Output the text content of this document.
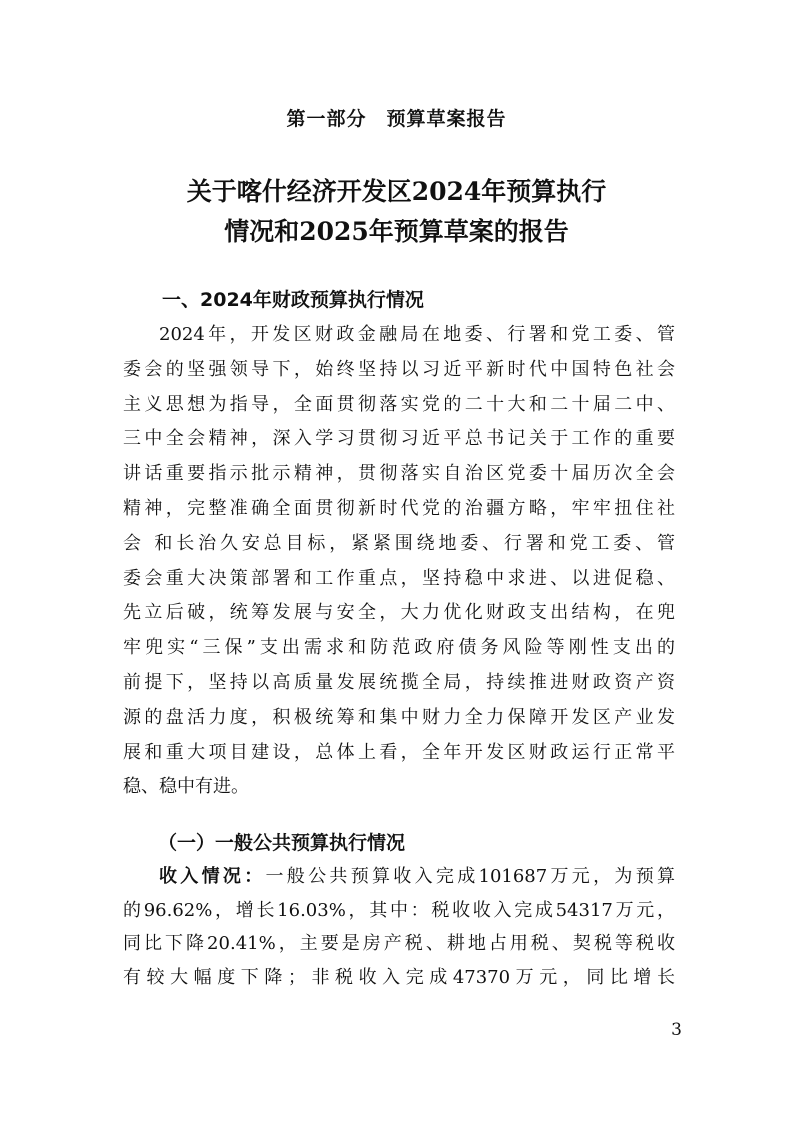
第一部分　预算草案报告
关于喀什经济开发区2024年预算执行
情况和2025年预算草案的报告
一、2024年财政预算执行情况
2024年，开发区财政金融局在地委、行署和党工委、管
委会的坚强领导下，始终坚持以习近平新时代中国特色社会
主义思想为指导，全面贯彻落实党的二十大和二十届二中、
三中全会精神，深入学习贯彻习近平总书记关于工作的重要
讲话重要指示批示精神，贯彻落实自治区党委十届历次全会
精神，完整准确全面贯彻新时代党的治疆方略，牢牢扭住社
会 和长治久安总目标，紧紧围绕地委、行署和党工委、管
委会重大决策部署和工作重点，坚持稳中求进、以进促稳、
先立后破，统筹发展与安全，大力优化财政支出结构，在兜
牢兜实“三保”支出需求和防范政府债务风险等刚性支出的
前提下，坚持以高质量发展统揽全局，持续推进财政资产资
源的盘活力度，积极统筹和集中财力全力保障开发区产业发
展和重大项目建设，总体上看，全年开发区财政运行正常平
稳、稳中有进。
（一）一般公共预算执行情况
收入情况：一般公共预算收入完成101687万元，为预算
的96.62%，增长16.03%，其中：税收收入完成54317万元，
同比下降20.41%，主要是房产税、耕地占用税、契税等税收
有较大幅度下降；非税收入完成47370万元，同比增长
3
